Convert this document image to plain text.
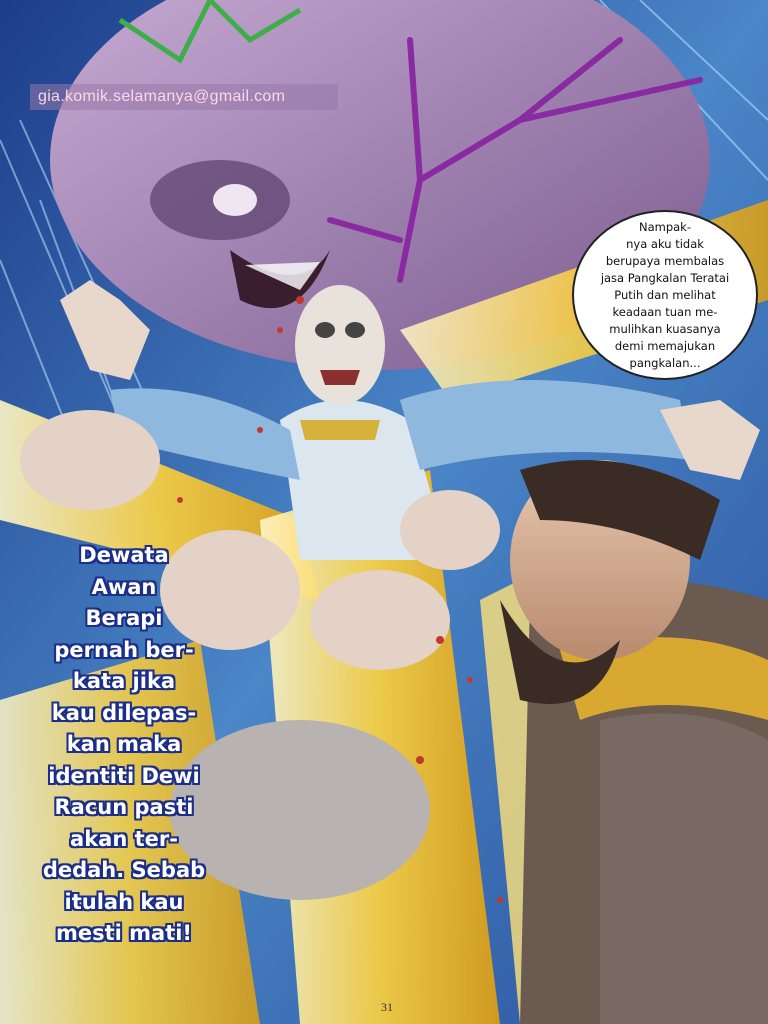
gia.komik.selamanya@gmail.com
Nampak-
nya aku tidak
berupaya membalas
jasa Pangkalan Teratai
Putih dan melihat
keadaan tuan me-
mulihkan kuasanya
demi memajukan
pangkalan...
Dewata
Awan
Berapi
pernah ber-
kata jika
kau dilepas-
kan maka
identiti Dewi
Racun pasti
akan ter-
dedah. Sebab
itulah kau
mesti mati!
31
